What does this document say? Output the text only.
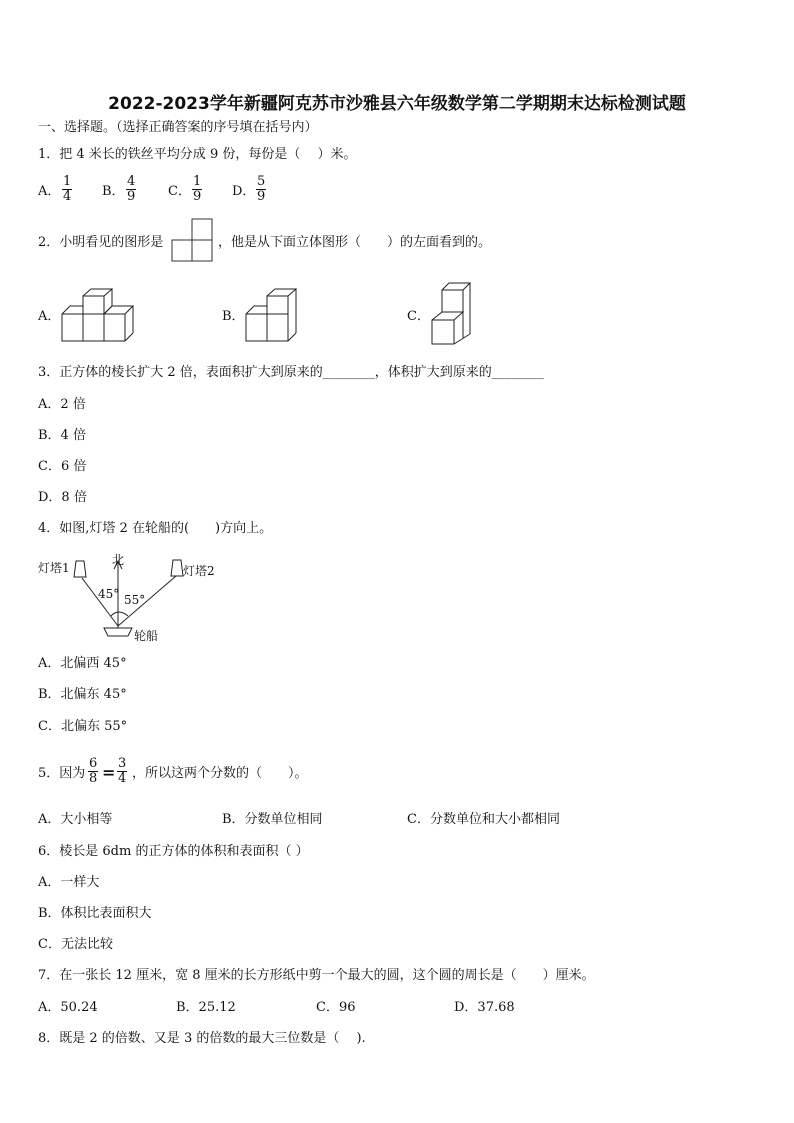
2022-2023学年新疆阿克苏市沙雅县六年级数学第二学期期末达标检测试题
一、选择题。（选择正确答案的序号填在括号内）
1．把 4 米长的铁丝平均分成 9 份，每份是（　 ）米。
A． $\frac{1}{4}$ B． $\frac{4}{9}$ C． $\frac{1}{9}$ D． $\frac{5}{9}$
2．小明看见的图形是	，他是从下面立体图形（　　）的左面看到的。
A．	B．	C．
3．正方体的棱长扩大 2 倍，表面积扩大到原来的________，体积扩大到原来的________
A．2 倍
B．4 倍
C．6 倍
D．8 倍
4．如图,灯塔 2 在轮船的(　　)方向上。
北
灯塔1	灯塔2
45° 55°
轮船
A．北偏西 45°
B．北偏东 45°
C．北偏东 55°
5．因为 $\frac{6}{8} = \frac{3}{4}$ ，所以这两个分数的（　　）。
A．大小相等	B．分数单位相同	C．分数单位和大小都相同
6．棱长是 6dm 的正方体的体积和表面积（ ）
A．一样大
B．体积比表面积大
C．无法比较
7．在一张长 12 厘米，宽 8 厘米的长方形纸中剪一个最大的圆，这个圆的周长是（　　）厘米。
A．50.24	B．25.12	C．96	D．37.68
8．既是 2 的倍数、又是 3 的倍数的最大三位数是（　 ).
